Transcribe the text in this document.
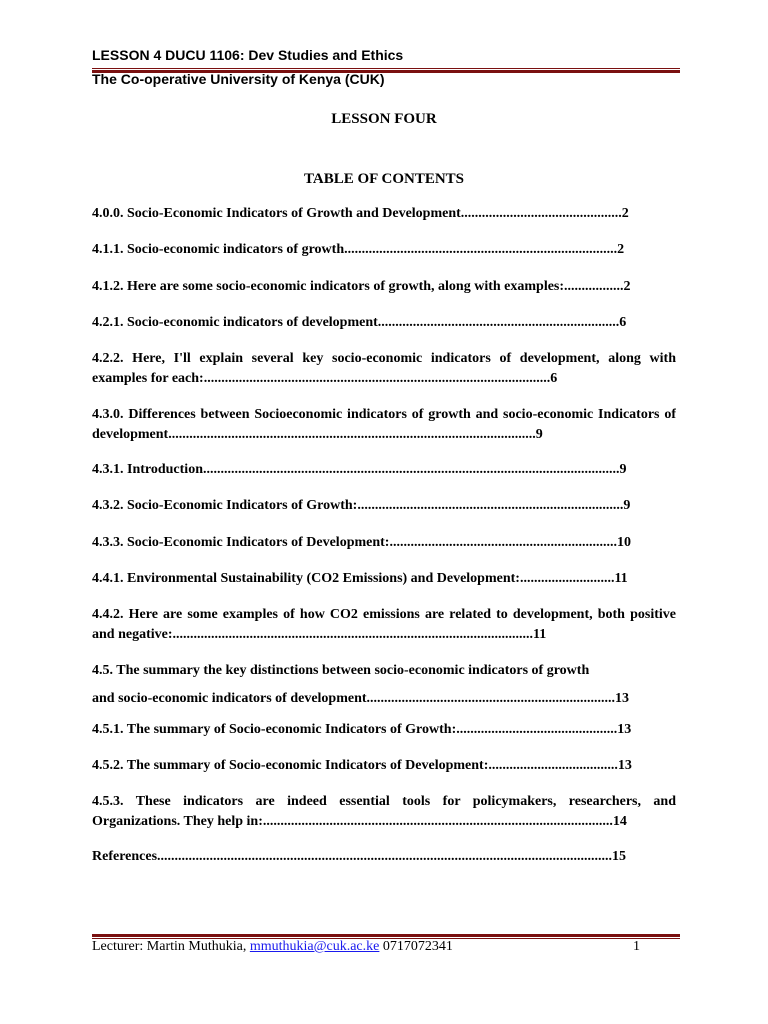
LESSON 4 DUCU 1106: Dev Studies and Ethics
The Co-operative University of Kenya (CUK)
LESSON FOUR
TABLE OF CONTENTS
4.0.0. Socio-Economic Indicators of Growth and Development..............................................2
4.1.1. Socio-economic indicators of growth..............................................................................2
4.1.2. Here are some socio-economic indicators of growth, along with examples:.................2
4.2.1. Socio-economic indicators of development.....................................................................6
4.2.2. Here, I'll explain several key socio-economic indicators of development, along with examples for each:...................................................................................................6
4.3.0. Differences between Socioeconomic indicators of growth and socio-economic Indicators of development.........................................................................................................9
4.3.1. Introduction.......................................................................................................................9
4.3.2. Socio-Economic Indicators of Growth:............................................................................9
4.3.3. Socio-Economic Indicators of Development:.................................................................10
4.4.1. Environmental Sustainability (CO2 Emissions) and Development:...........................11
4.4.2. Here are some examples of how CO2 emissions are related to development, both positive and negative:.......................................................................................................11
4.5. The summary the key distinctions between socio-economic indicators of growth
and socio-economic indicators of development.......................................................................13
4.5.1. The summary of Socio-economic Indicators of Growth:..............................................13
4.5.2. The summary of Socio-economic Indicators of Development:.....................................13
4.5.3. These indicators are indeed essential tools for policymakers, researchers, and Organizations. They help in:....................................................................................................14
References..................................................................................................................................15
Lecturer: Martin Muthukia, mmuthukia@cuk.ac.ke 0717072341	1
